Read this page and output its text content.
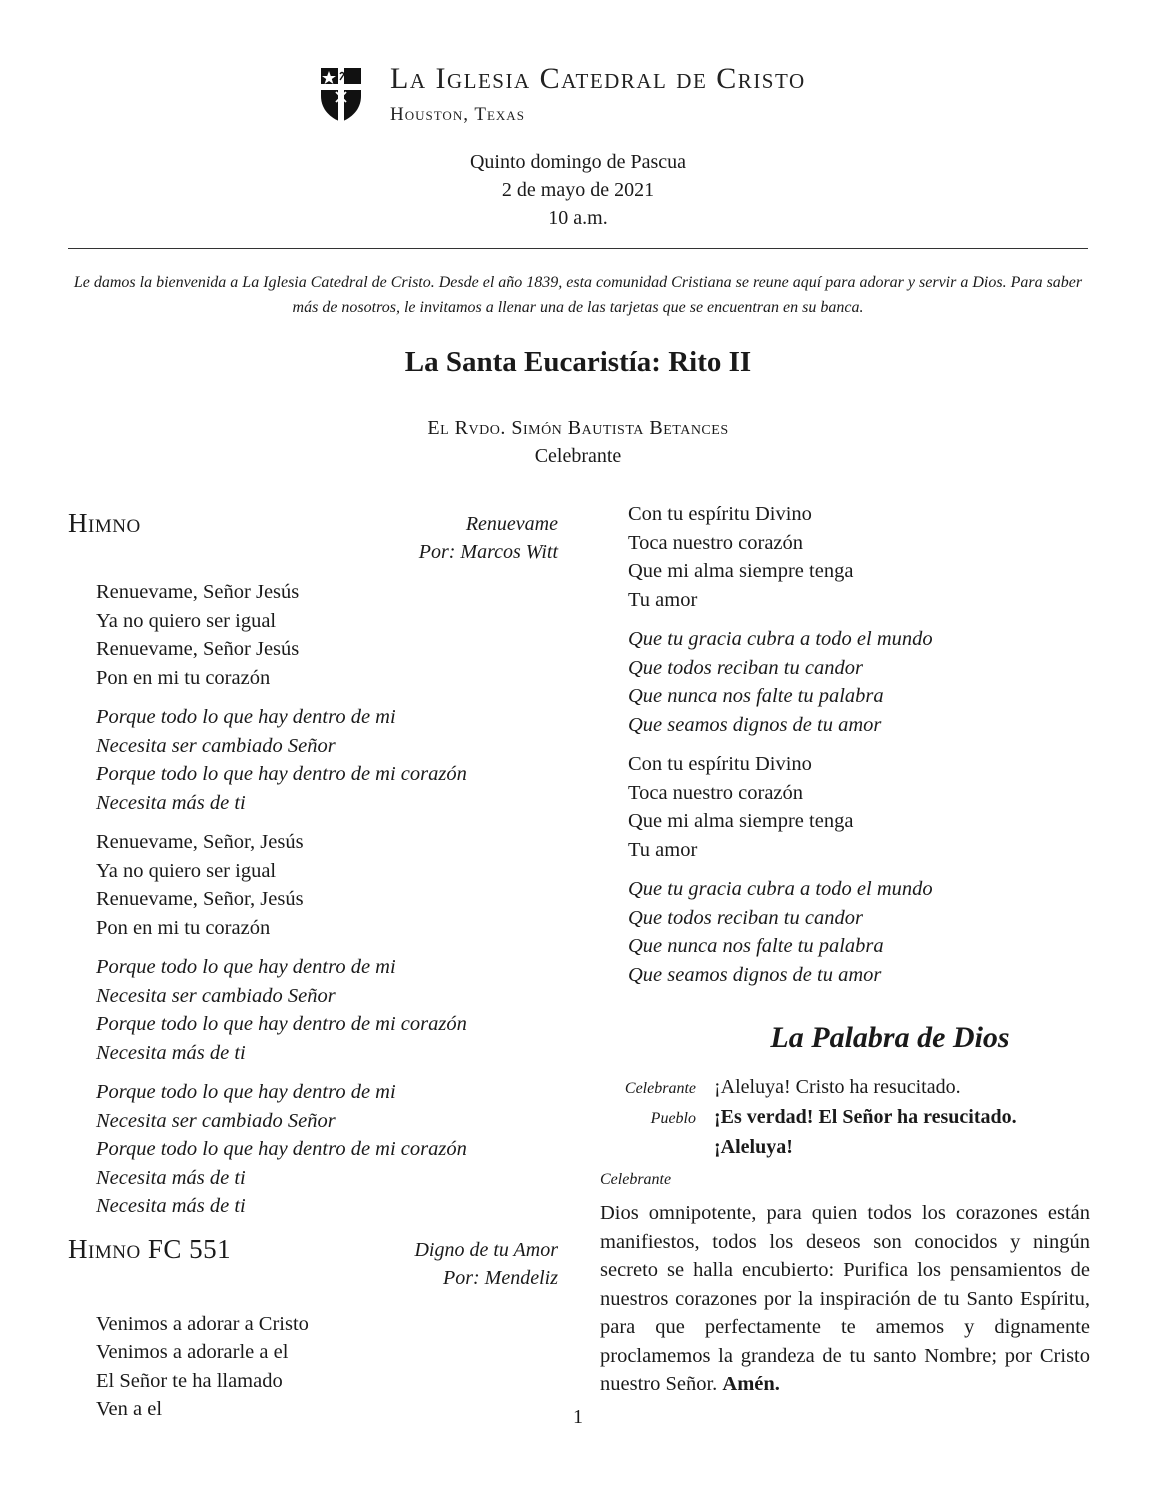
La Iglesia Catedral de Cristo
Houston, Texas
Quinto domingo de Pascua
2 de mayo de 2021
10 a.m.
Le damos la bienvenida a La Iglesia Catedral de Cristo. Desde el año 1839, esta comunidad Cristiana se reune aquí para adorar y servir a Dios. Para saber más de nosotros, le invitamos a llenar una de las tarjetas que se encuentran en su banca.
La Santa Eucaristía: Rito II
El Rvdo. Simón Bautista Betances
Celebrante
Himno	Renuevame
Por: Marcos Witt
Renuevame, Señor Jesús
Ya no quiero ser igual
Renuevame, Señor Jesús
Pon en mi tu corazón
Porque todo lo que hay dentro de mi
Necesita ser cambiado Señor
Porque todo lo que hay dentro de mi corazón
Necesita más de ti
Renuevame, Señor, Jesús
Ya no quiero ser igual
Renuevame, Señor, Jesús
Pon en mi tu corazón
Porque todo lo que hay dentro de mi
Necesita ser cambiado Señor
Porque todo lo que hay dentro de mi corazón
Necesita más de ti
Porque todo lo que hay dentro de mi
Necesita ser cambiado Señor
Porque todo lo que hay dentro de mi corazón
Necesita más de ti
Necesita más de ti
Himno FC 551	Digno de tu Amor
Por: Mendeliz
Venimos a adorar a Cristo
Venimos a adorarle a el
El Señor te ha llamado
Ven a el
Con tu espíritu Divino
Toca nuestro corazón
Que mi alma siempre tenga
Tu amor
Que tu gracia cubra a todo el mundo
Que todos reciban tu candor
Que nunca nos falte tu palabra
Que seamos dignos de tu amor
Con tu espíritu Divino
Toca nuestro corazón
Que mi alma siempre tenga
Tu amor
Que tu gracia cubra a todo el mundo
Que todos reciban tu candor
Que nunca nos falte tu palabra
Que seamos dignos de tu amor
La Palabra de Dios
Celebrante ¡Aleluya! Cristo ha resucitado.
Pueblo ¡Es verdad! El Señor ha resucitado.
¡Aleluya!
Celebrante
Dios omnipotente, para quien todos los corazones están manifiestos, todos los deseos son conocidos y ningún secreto se halla encubierto: Purifica los pensamientos de nuestros corazones por la inspiración de tu Santo Espíritu, para que perfectamente te amemos y dignamente proclamemos la grandeza de tu santo Nombre; por Cristo nuestro Señor. Amén.
1
